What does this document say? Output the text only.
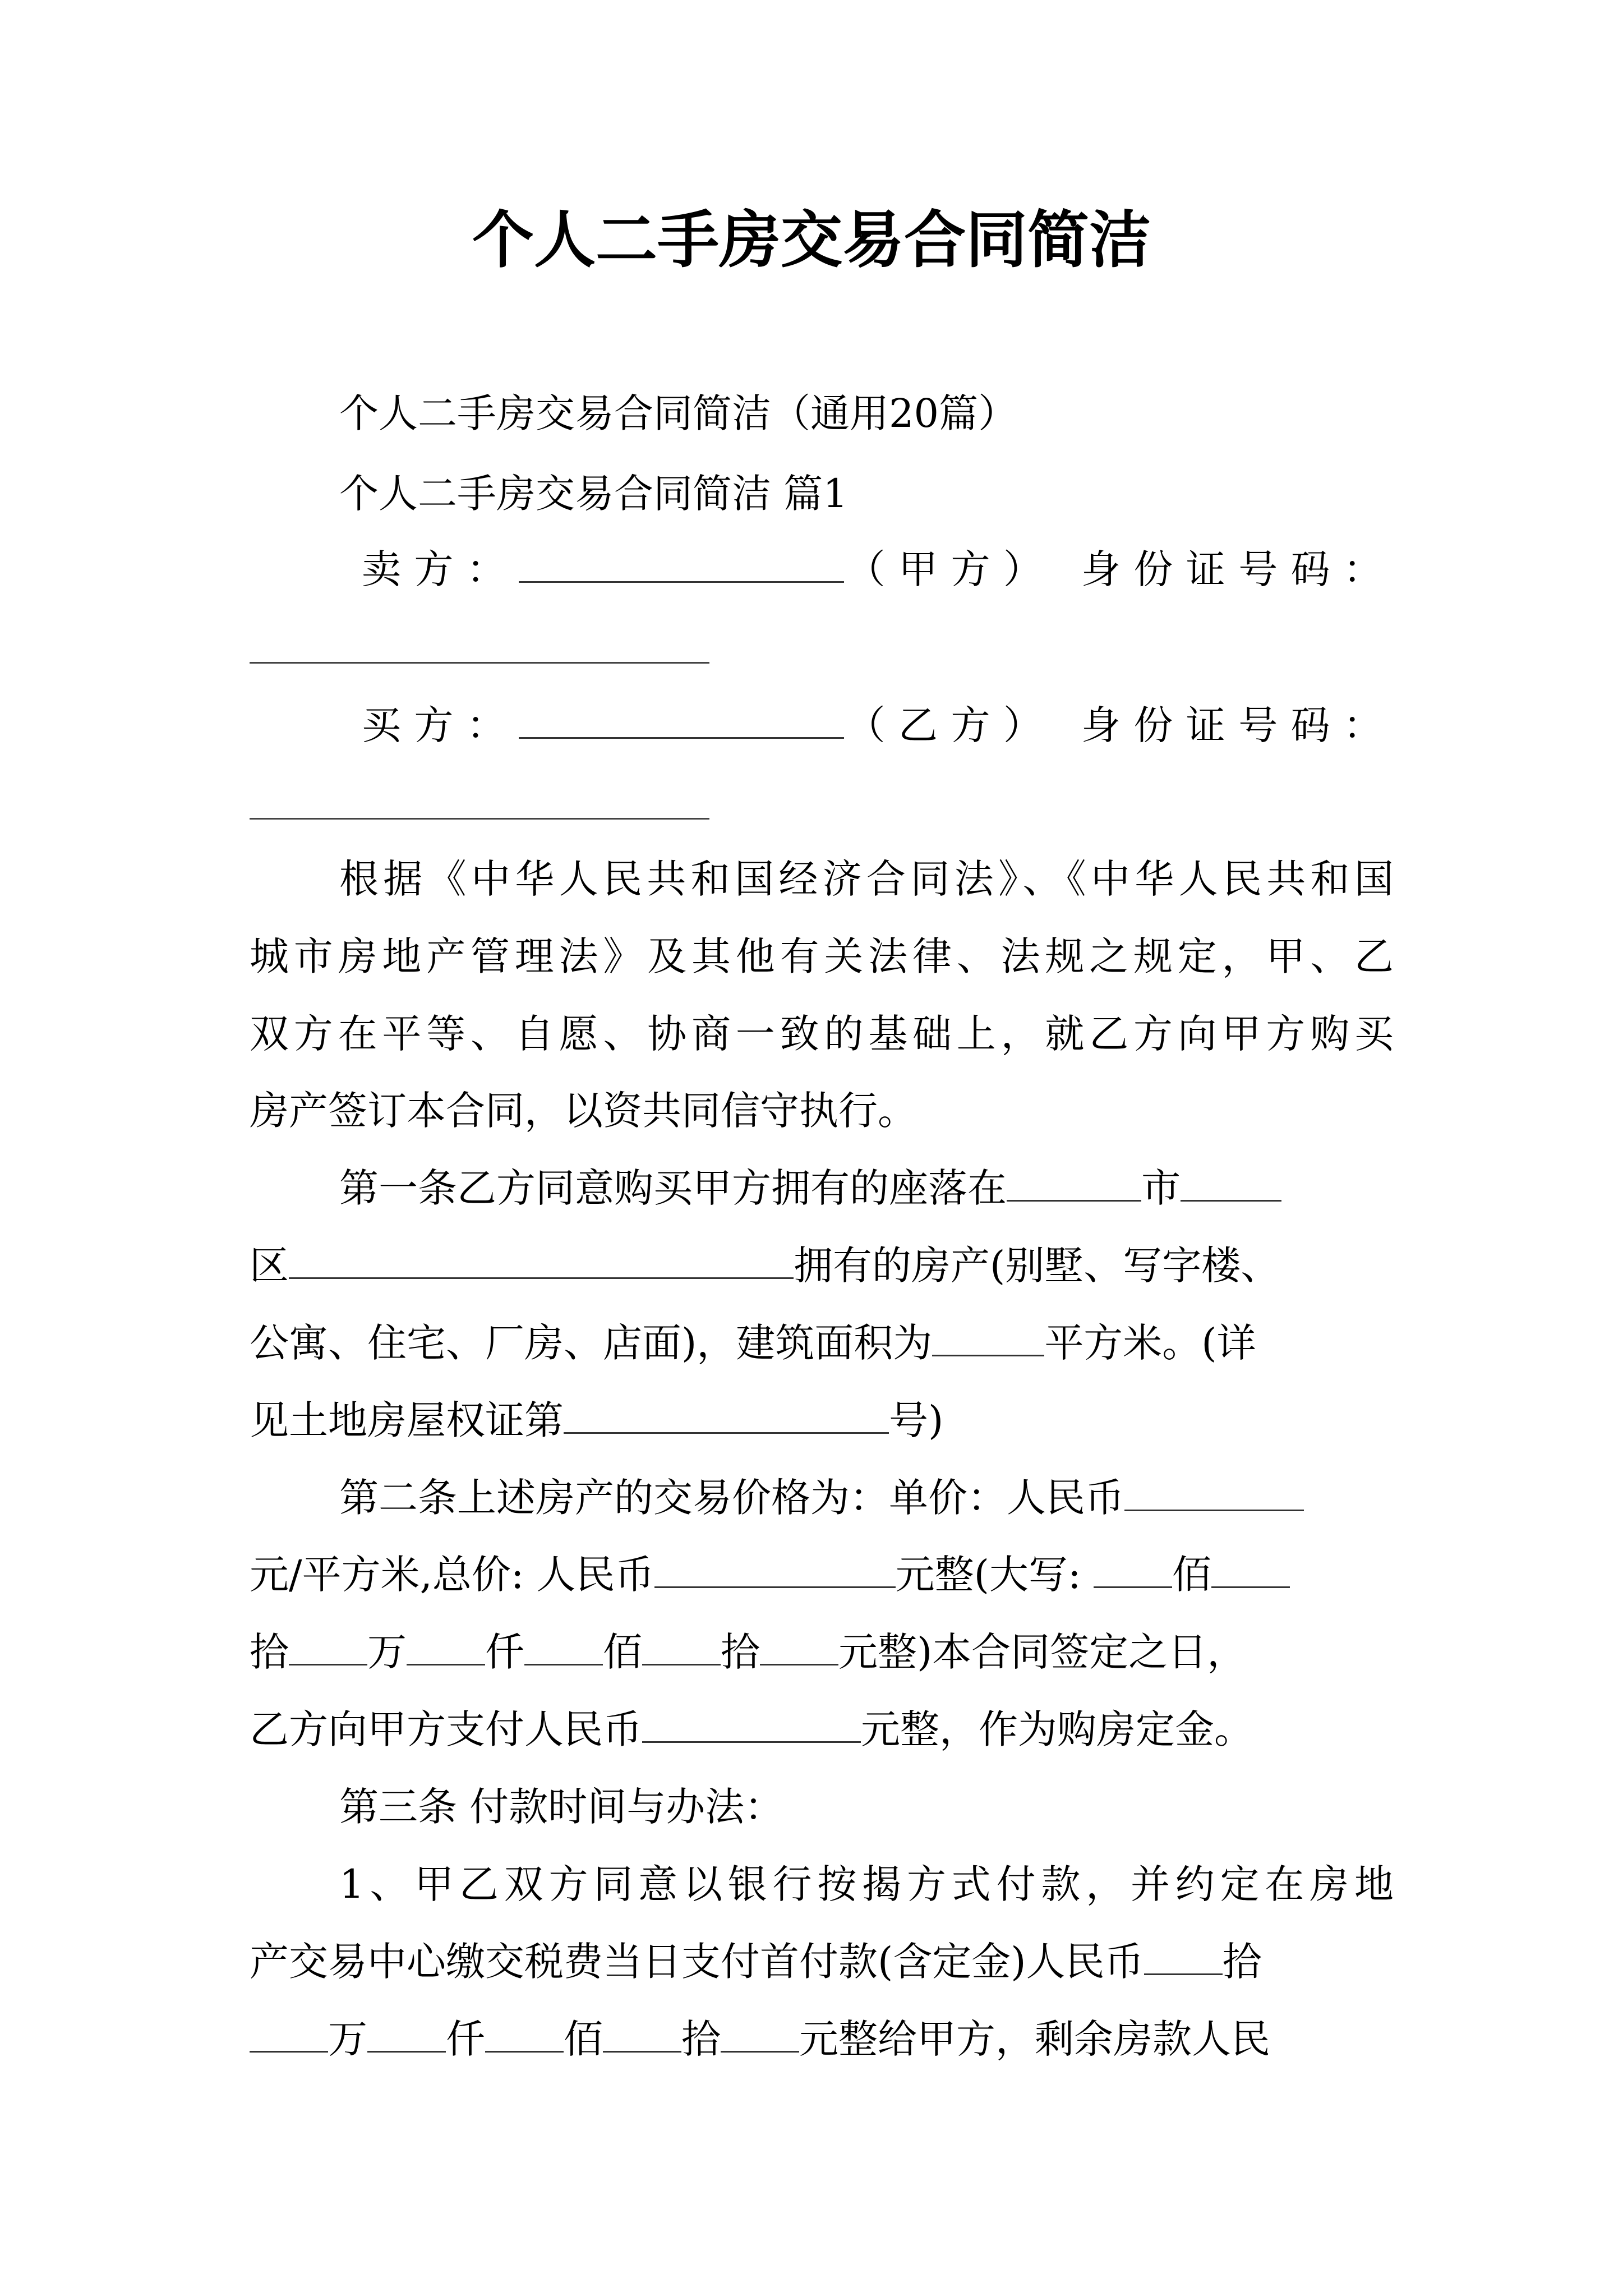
个人二手房交易合同简洁
个人二手房交易合同简洁（通用20篇）
个人二手房交易合同简洁 篇1
卖方：	（甲方） 身份证号码：
买方：	（乙方） 身份证号码：
根据《中华人民共和国经济合同法》、《中华人民共和国
城市房地产管理法》及其他有关法律、法规之规定，甲、乙
双方在平等、自愿、协商一致的基础上，就乙方向甲方购买
房产签订本合同，以资共同信守执行。
第一条乙方同意购买甲方拥有的座落在	市
区	拥有的房产(别墅、写字楼、
公寓、住宅、厂房、店面)，建筑面积为	平方米。(详
见土地房屋权证第	号)
第二条上述房产的交易价格为：单价：人民币
元/平方米,总价: 人民币	元整(大写: 佰
拾 万 仟 佰 拾 元整)本合同签定之日，
乙方向甲方支付人民币	元整，作为购房定金。
第三条 付款时间与办法：
1、甲乙双方同意以银行按揭方式付款，并约定在房地
产交易中心缴交税费当日支付首付款(含定金)人民币 拾
万 仟 佰 拾 元整给甲方，剩余房款人民
